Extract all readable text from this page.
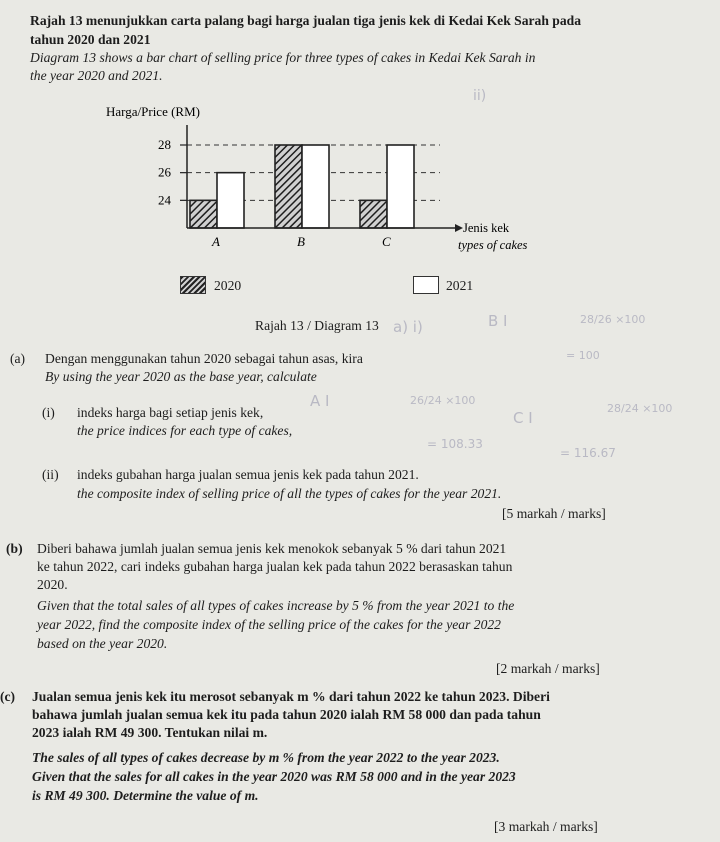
Rajah 13 menunjukkan carta palang bagi harga jualan tiga jenis kek di Kedai Kek Sarah pada
tahun 2020 dan 2021
Diagram 13 shows a bar chart of selling price for three types of cakes in Kedai Kek Sarah in
the year 2020 and 2021.
Harga/Price (RM)
28
26
24
A	B	C
Jenis kek
types of cakes
2020	2021
Rajah 13 / Diagram 13
(a) Dengan menggunakan tahun 2020 sebagai tahun asas, kira
By using the year 2020 as the base year, calculate
(i) indeks harga bagi setiap jenis kek,
the price indices for each type of cakes,
(ii) indeks gubahan harga jualan semua jenis kek pada tahun 2021.
the composite index of selling price of all the types of cakes for the year 2021.
[5 markah / marks]
(b) Diberi bahawa jumlah jualan semua jenis kek menokok sebanyak 5 % dari tahun 2021
ke tahun 2022, cari indeks gubahan harga jualan kek pada tahun 2022 berasaskan tahun
2020.
Given that the total sales of all types of cakes increase by 5 % from the year 2021 to the
year 2022, find the composite index of the selling price of the cakes for the year 2022
based on the year 2020.
[2 markah / marks]
(c) Jualan semua jenis kek itu merosot sebanyak m % dari tahun 2022 ke tahun 2023. Diberi
bahawa jumlah jualan semua kek itu pada tahun 2020 ialah RM 58 000 dan pada tahun
2023 ialah RM 49 300. Tentukan nilai m.
The sales of all types of cakes decrease by m % from the year 2022 to the year 2023.
Given that the sales for all cakes in the year 2020 was RM 58 000 and in the year 2023
is RM 49 300. Determine the value of m.
[3 markah / marks]
ii)
a) i)	B I	28/26 ×100
= 100
A I	26/24 ×100
= 108.33
C I
28/24 ×100
= 116.67
